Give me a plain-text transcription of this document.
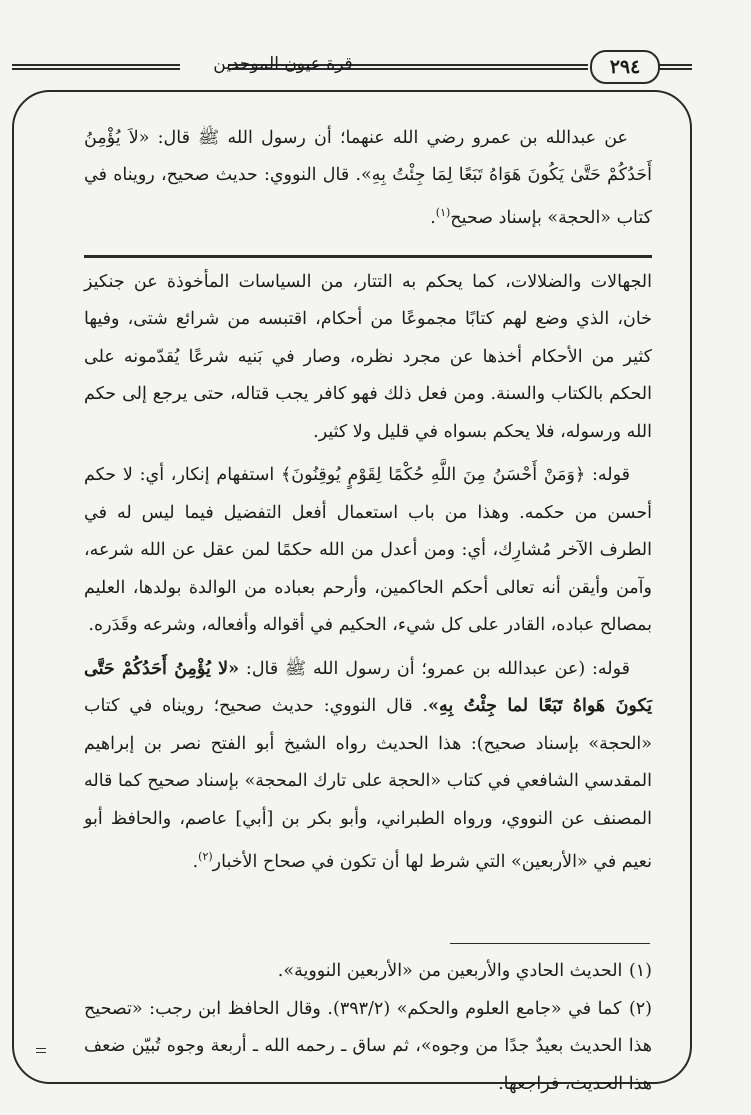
قرة عيون الموحدين	٢٩٤

عن عبدالله بن عمرو رضي الله عنهما؛ أن رسول الله ﷺ قال: «لاَ يُؤْمِنُ أَحَدُكُمْ حَتَّىٰ يَكُونَ هَوَاهُ تَبَعًا لِمَا جِئْتُ بِهِ». قال النووي: حديث صحيح، رويناه في كتاب «الحجة» بإسناد صحيح$^{(١)}$.

الجهالات والضلالات، كما يحكم به التتار، من السياسات المأخوذة عن جنكيز خان، الذي وضع لهم كتابًا مجموعًا من أحكام، اقتبسه من شرائع شتى، وفيها كثير من الأحكام أخذها عن مجرد نظره، وصار في بَنيه شرعًا يُقدّمونه على الحكم بالكتاب والسنة. ومن فعل ذلك فهو كافر يجب قتاله، حتى يرجع إلى حكم الله ورسوله، فلا يحكم بسواه في قليل ولا كثير.

قوله: ﴿وَمَنْ أَحْسَنُ مِنَ اللَّهِ حُكْمًا لِقَوْمٍ يُوقِنُونَ﴾ استفهام إنكار، أي: لا حكم أحسن من حكمه. وهذا من باب استعمال أفعل التفضيل فيما ليس له في الطرف الآخر مُشارِك، أي: ومن أعدل من الله حكمًا لمن عقل عن الله شرعه، وآمن وأيقن أنه تعالى أحكم الحاكمين، وأرحم بعباده من الوالدة بولدها، العليم بمصالح عباده، القادر على كل شيء، الحكيم في أقواله وأفعاله، وشرعه وقَدَره.

قوله: (عن عبدالله بن عمرو؛ أن رسول الله ﷺ قال: «لا يُؤْمِنُ أَحَدُكُمْ حَتَّى يَكونَ هَواهُ تَبَعًا لما جِئْتُ بِهِ». قال النووي: حديث صحيح؛ رويناه في كتاب «الحجة» بإسناد صحيح): هذا الحديث رواه الشيخ أبو الفتح نصر بن إبراهيم المقدسي الشافعي في كتاب «الحجة على تارك المحجة» بإسناد صحيح كما قاله المصنف عن النووي، ورواه الطبراني، وأبو بكر بن [أبي] عاصم، والحافظ أبو نعيم في «الأربعين» التي شرط لها أن تكون في صحاح الأخبار$^{(٢)}$.

(١) الحديث الحادي والأربعين من «الأربعين النووية».

(٢) كما في «جامع العلوم والحكم» (٣٩٣/٢). وقال الحافظ ابن رجب: «تصحيح هذا الحديث بعيدٌ جدًا من وجوه»، ثم ساق ـ رحمه الله ـ أربعة وجوه تُبيّن ضعف هذا الحديث، فراجعها.
